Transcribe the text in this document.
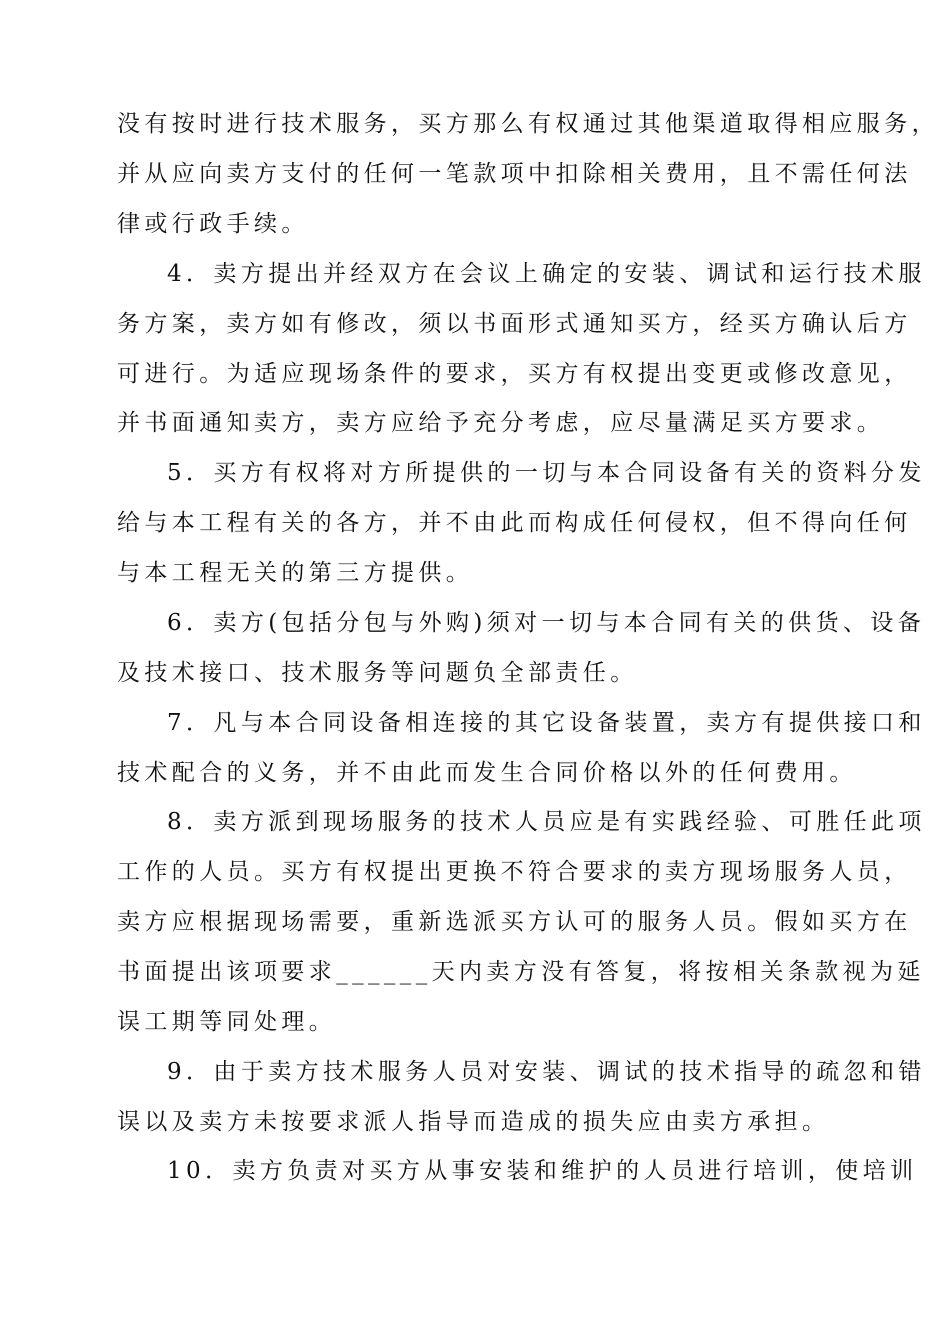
没有按时进行技术服务，买方那么有权通过其他渠道取得相应服务，
并从应向卖方支付的任何一笔款项中扣除相关费用，且不需任何法
律或行政手续。
4．卖方提出并经双方在会议上确定的安装、调试和运行技术服
务方案，卖方如有修改，须以书面形式通知买方，经买方确认后方
可进行。为适应现场条件的要求，买方有权提出变更或修改意见，
并书面通知卖方，卖方应给予充分考虑，应尽量满足买方要求。
5．买方有权将对方所提供的一切与本合同设备有关的资料分发
给与本工程有关的各方，并不由此而构成任何侵权，但不得向任何
与本工程无关的第三方提供。
6．卖方(包括分包与外购)须对一切与本合同有关的供货、设备
及技术接口、技术服务等问题负全部责任。
7．凡与本合同设备相连接的其它设备装置，卖方有提供接口和
技术配合的义务，并不由此而发生合同价格以外的任何费用。
8．卖方派到现场服务的技术人员应是有实践经验、可胜任此项
工作的人员。买方有权提出更换不符合要求的卖方现场服务人员，
卖方应根据现场需要，重新选派买方认可的服务人员。假如买方在
书面提出该项要求______天内卖方没有答复，将按相关条款视为延
误工期等同处理。
9．由于卖方技术服务人员对安装、调试的技术指导的疏忽和错
误以及卖方未按要求派人指导而造成的损失应由卖方承担。
10．卖方负责对买方从事安装和维护的人员进行培训，使培训
